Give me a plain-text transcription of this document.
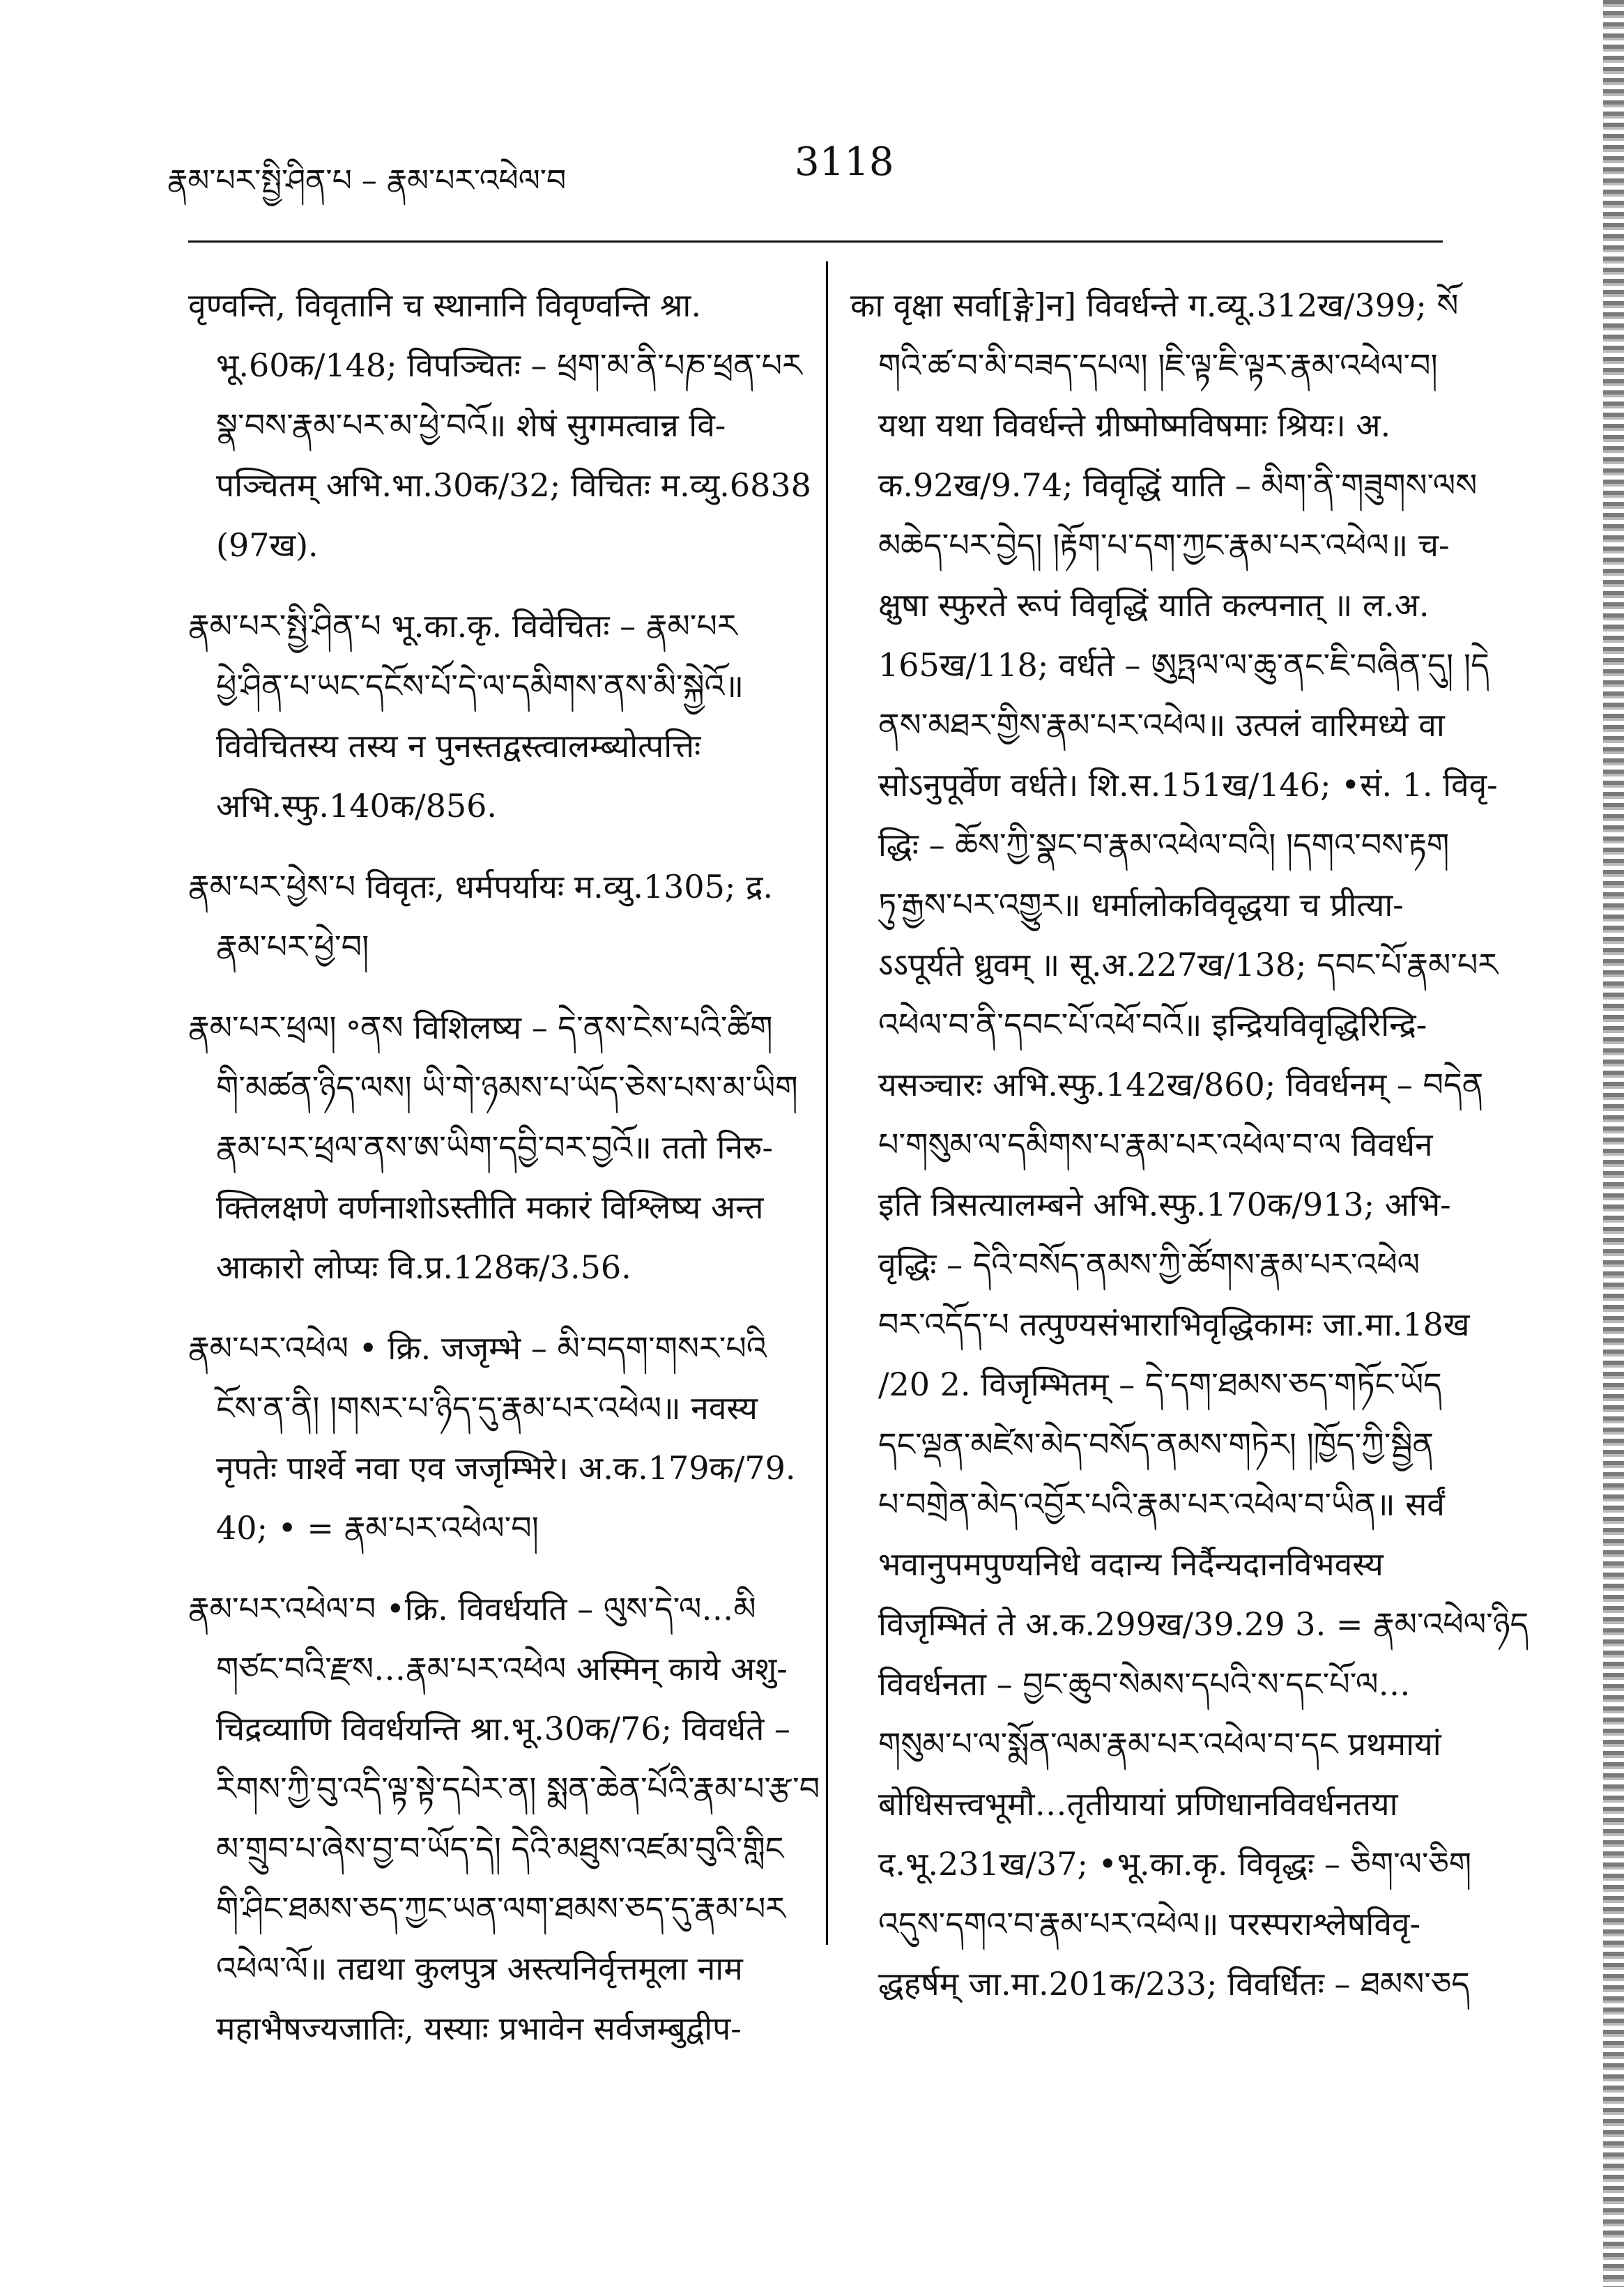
རྣམ་པར་སྤྱི་ཤིན་པ – རྣམ་པར་འཕེལ་བ	3118
वृण्वन्ति, विवृतानि च स्थानानि विवृण्वन्ति श्रा.
भू.60क/148; विपञ्चितः – ཕྲག་མ་ནི་པཎ་ཕྲན་པར
སྣ་བས་རྣམ་པར་མ་ཕྱེ་བའོ॥ शेषं सुगमत्वान्न वि-
पञ्चितम् अभि.भा.30क/32; विचितः म.व्यु.6838
(97ख).
རྣམ་པར་སྤྱི་ཤིན་པ भू.का.कृ. विवेचितः – རྣམ་པར
ཕྱེ་ཤིན་པ་ཡང་དངོས་པོ་དེ་ལ་དམིགས་ནས་མི་སྐྱེའོ॥
विवेचितस्य तस्य न पुनस्तद्वस्त्वालम्ब्योत्पत्तिः
अभि.स्फु.140क/856.
རྣམ་པར་ཕྱེས་པ विवृतः, धर्मपर्यायः म.व्यु.1305; द्र.
རྣམ་པར་ཕྱེ་བ།
རྣམ་པར་ཕྲལ། ॰ནས विशिलष्य – དེ་ནས་ངེས་པའི་ཚིག
གི་མཚན་ཉིད་ལས། ཡི་གེ་ཉམས་པ་ཡོད་ཅེས་པས་མ་ཡིག
རྣམ་པར་ཕྲལ་ནས་ཨ་ཡིག་དབྱི་བར་བྱའོ॥ ततो निरु-
क्तिलक्षणे वर्णनाशोऽस्तीति मकारं विश्लिष्य अन्त
आकारो लोप्यः वि.प्र.128क/3.56.
རྣམ་པར་འཕེལ • क्रि. जजृम्भे – མི་བདག་གསར་པའི
ངོས་ན་ནི། །གསར་པ་ཉིད་དུ་རྣམ་པར་འཕེལ॥ नवस्य
नृपतेः पार्श्वे नवा एव जजृम्भिरे। अ.क.179क/79.
40; • = རྣམ་པར་འཕེལ་བ།
རྣམ་པར་འཕེལ་བ •क्रि. विवर्धयति – ལུས་དེ་ལ…མི
གཙང་བའི་རྫས…རྣམ་པར་འཕེལ अस्मिन् काये अशु-
चिद्रव्याणि विवर्धयन्ति श्रा.भू.30क/76; विवर्धते –
རིགས་ཀྱི་བུ་འདི་ལྟ་སྟེ་དཔེར་ན། སྨན་ཆེན་པོའི་རྣམ་པ་རྩ་བ
མ་གྲུབ་པ་ཞེས་བྱ་བ་ཡོད་དེ། དེའི་མཐུས་འཛམ་བུའི་གླིང
གི་ཤིང་ཐམས་ཅད་ཀྱང་ཡན་ལག་ཐམས་ཅད་དུ་རྣམ་པར
འཕེལ་ལོ॥ तद्यथा कुलपुत्र अस्त्यनिर्वृत्तमूला नाम
महाभैषज्यजातिः, यस्याः प्रभावेन सर्वजम्बुद्वीप-
का वृक्षा सर्वा[ङ्गे]न] विवर्धन्ते ग.व्यू.312ख/399; སོ
གའི་ཚ་བ་མི་བཟད་དཔལ། །ཇི་ལྟ་ཇི་ལྟར་རྣམ་འཕེལ་བ།
यथा यथा विवर्धन्ते ग्रीष्मोष्मविषमाः श्रियः। अ.
क.92ख/9.74; विवृद्धिं याति – མིག་ནི་གཟུགས་ལས
མཆེད་པར་བྱེད། །རྟོག་པ་དག་ཀྱང་རྣམ་པར་འཕེལ॥ च-
क्षुषा स्फुरते रूपं विवृद्धिं याति कल्पनात् ॥ ल.अ.
165ख/118; वर्धते – ཨུཏྤལ་ལ་ཆུ་ནང་ཇི་བཞིན་དུ། །དེ
ནས་མཐར་གྱིས་རྣམ་པར་འཕེལ॥ उत्पलं वारिमध्ये वा
सोऽनुपूर्वेण वर्धते। शि.स.151ख/146; •सं. 1. विवृ-
द्धिः – ཆོས་ཀྱི་སྣང་བ་རྣམ་འཕེལ་བའི། །དགའ་བས་རྟག
ཏུ་རྒྱས་པར་འགྱུར॥ धर्मालोकविवृद्धया च प्रीत्या-
ऽऽपूर्यते ध्रुवम् ॥ सू.अ.227ख/138; དབང་པོ་རྣམ་པར
འཕེལ་བ་ནི་དབང་པོ་འཕོ་བའོ॥ इन्द्रियविवृद्धिरिन्द्रि-
यसञ्चारः अभि.स्फु.142ख/860; विवर्धनम् – བདེན
པ་གསུམ་ལ་དམིགས་པ་རྣམ་པར་འཕེལ་བ་ལ विवर्धन
इति त्रिसत्यालम्बने अभि.स्फु.170क/913; अभि-
वृद्धिः – དེའི་བསོད་ནམས་ཀྱི་ཚོགས་རྣམ་པར་འཕེལ
བར་འདོད་པ तत्पुण्यसंभाराभिवृद्धिकामः जा.मा.18ख
/20 2. विजृम्भितम् – དེ་དག་ཐམས་ཅད་གཏོང་ཡོད
དང་ལྡན་མཛེས་མེད་བསོད་ནམས་གཏེར། །ཁྱོད་ཀྱི་སྦྱིན
པ་བགྲེན་མེད་འབྱོར་པའི་རྣམ་པར་འཕེལ་བ་ཡིན॥ सर्वं
भवानुपमपुण्यनिधे वदान्य निर्दैन्यदानविभवस्य
विजृम्भितं ते अ.क.299ख/39.29 3. = རྣམ་འཕེལ་ཉིད
विवर्धनता – བྱང་ཆུབ་སེམས་དཔའི་ས་དང་པོ་ལ…
གསུམ་པ་ལ་སྨོན་ལམ་རྣམ་པར་འཕེལ་བ་དང प्रथमायां
बोधिसत्त्वभूमौ…तृतीयायां प्रणिधानविवर्धनतया
द.भू.231ख/37; •भू.का.कृ. विवृद्धः – ཅིག་ལ་ཅིག
འདུས་དགའ་བ་རྣམ་པར་འཕེལ॥ परस्पराश्लेषविवृ-
द्धहर्षम् जा.मा.201क/233; विवर्धितः – ཐམས་ཅད
